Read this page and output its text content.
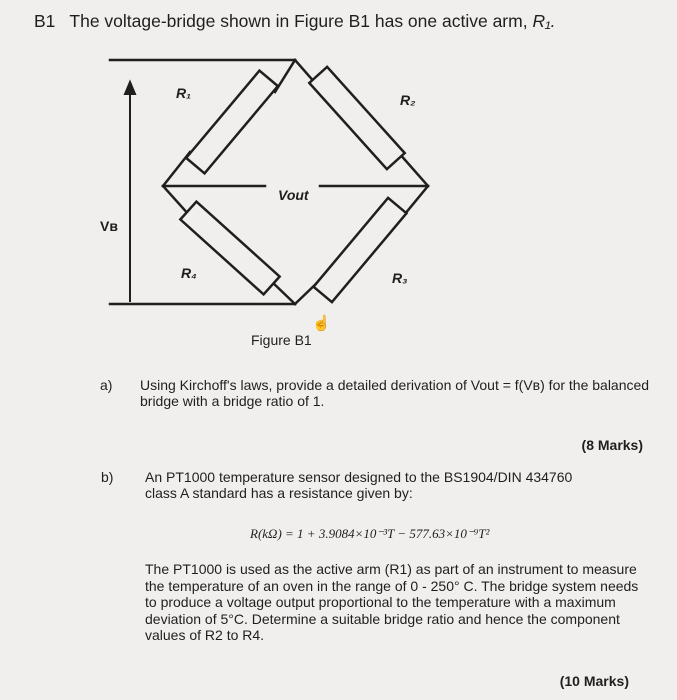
B1 The voltage-bridge shown in Figure B1 has one active arm, R₁.
R₁	R₂
R₄	R₃
Vout
Vʙ
☝
Figure B1
a) Using Kirchoff's laws, provide a detailed derivation of Vout = f(Vʙ) for the balanced bridge with a bridge ratio of 1.
(8 Marks)
b) An PT1000 temperature sensor designed to the BS1904/DIN 434760 class A standard has a resistance given by:
R(kΩ) = 1 + 3.9084×10⁻³T − 577.63×10⁻⁹T²
The PT1000 is used as the active arm (R1) as part of an instrument to measure the temperature of an oven in the range of 0 - 250° C. The bridge system needs to produce a voltage output proportional to the temperature with a maximum deviation of 5°C. Determine a suitable bridge ratio and hence the component values of R2 to R4.
(10 Marks)
